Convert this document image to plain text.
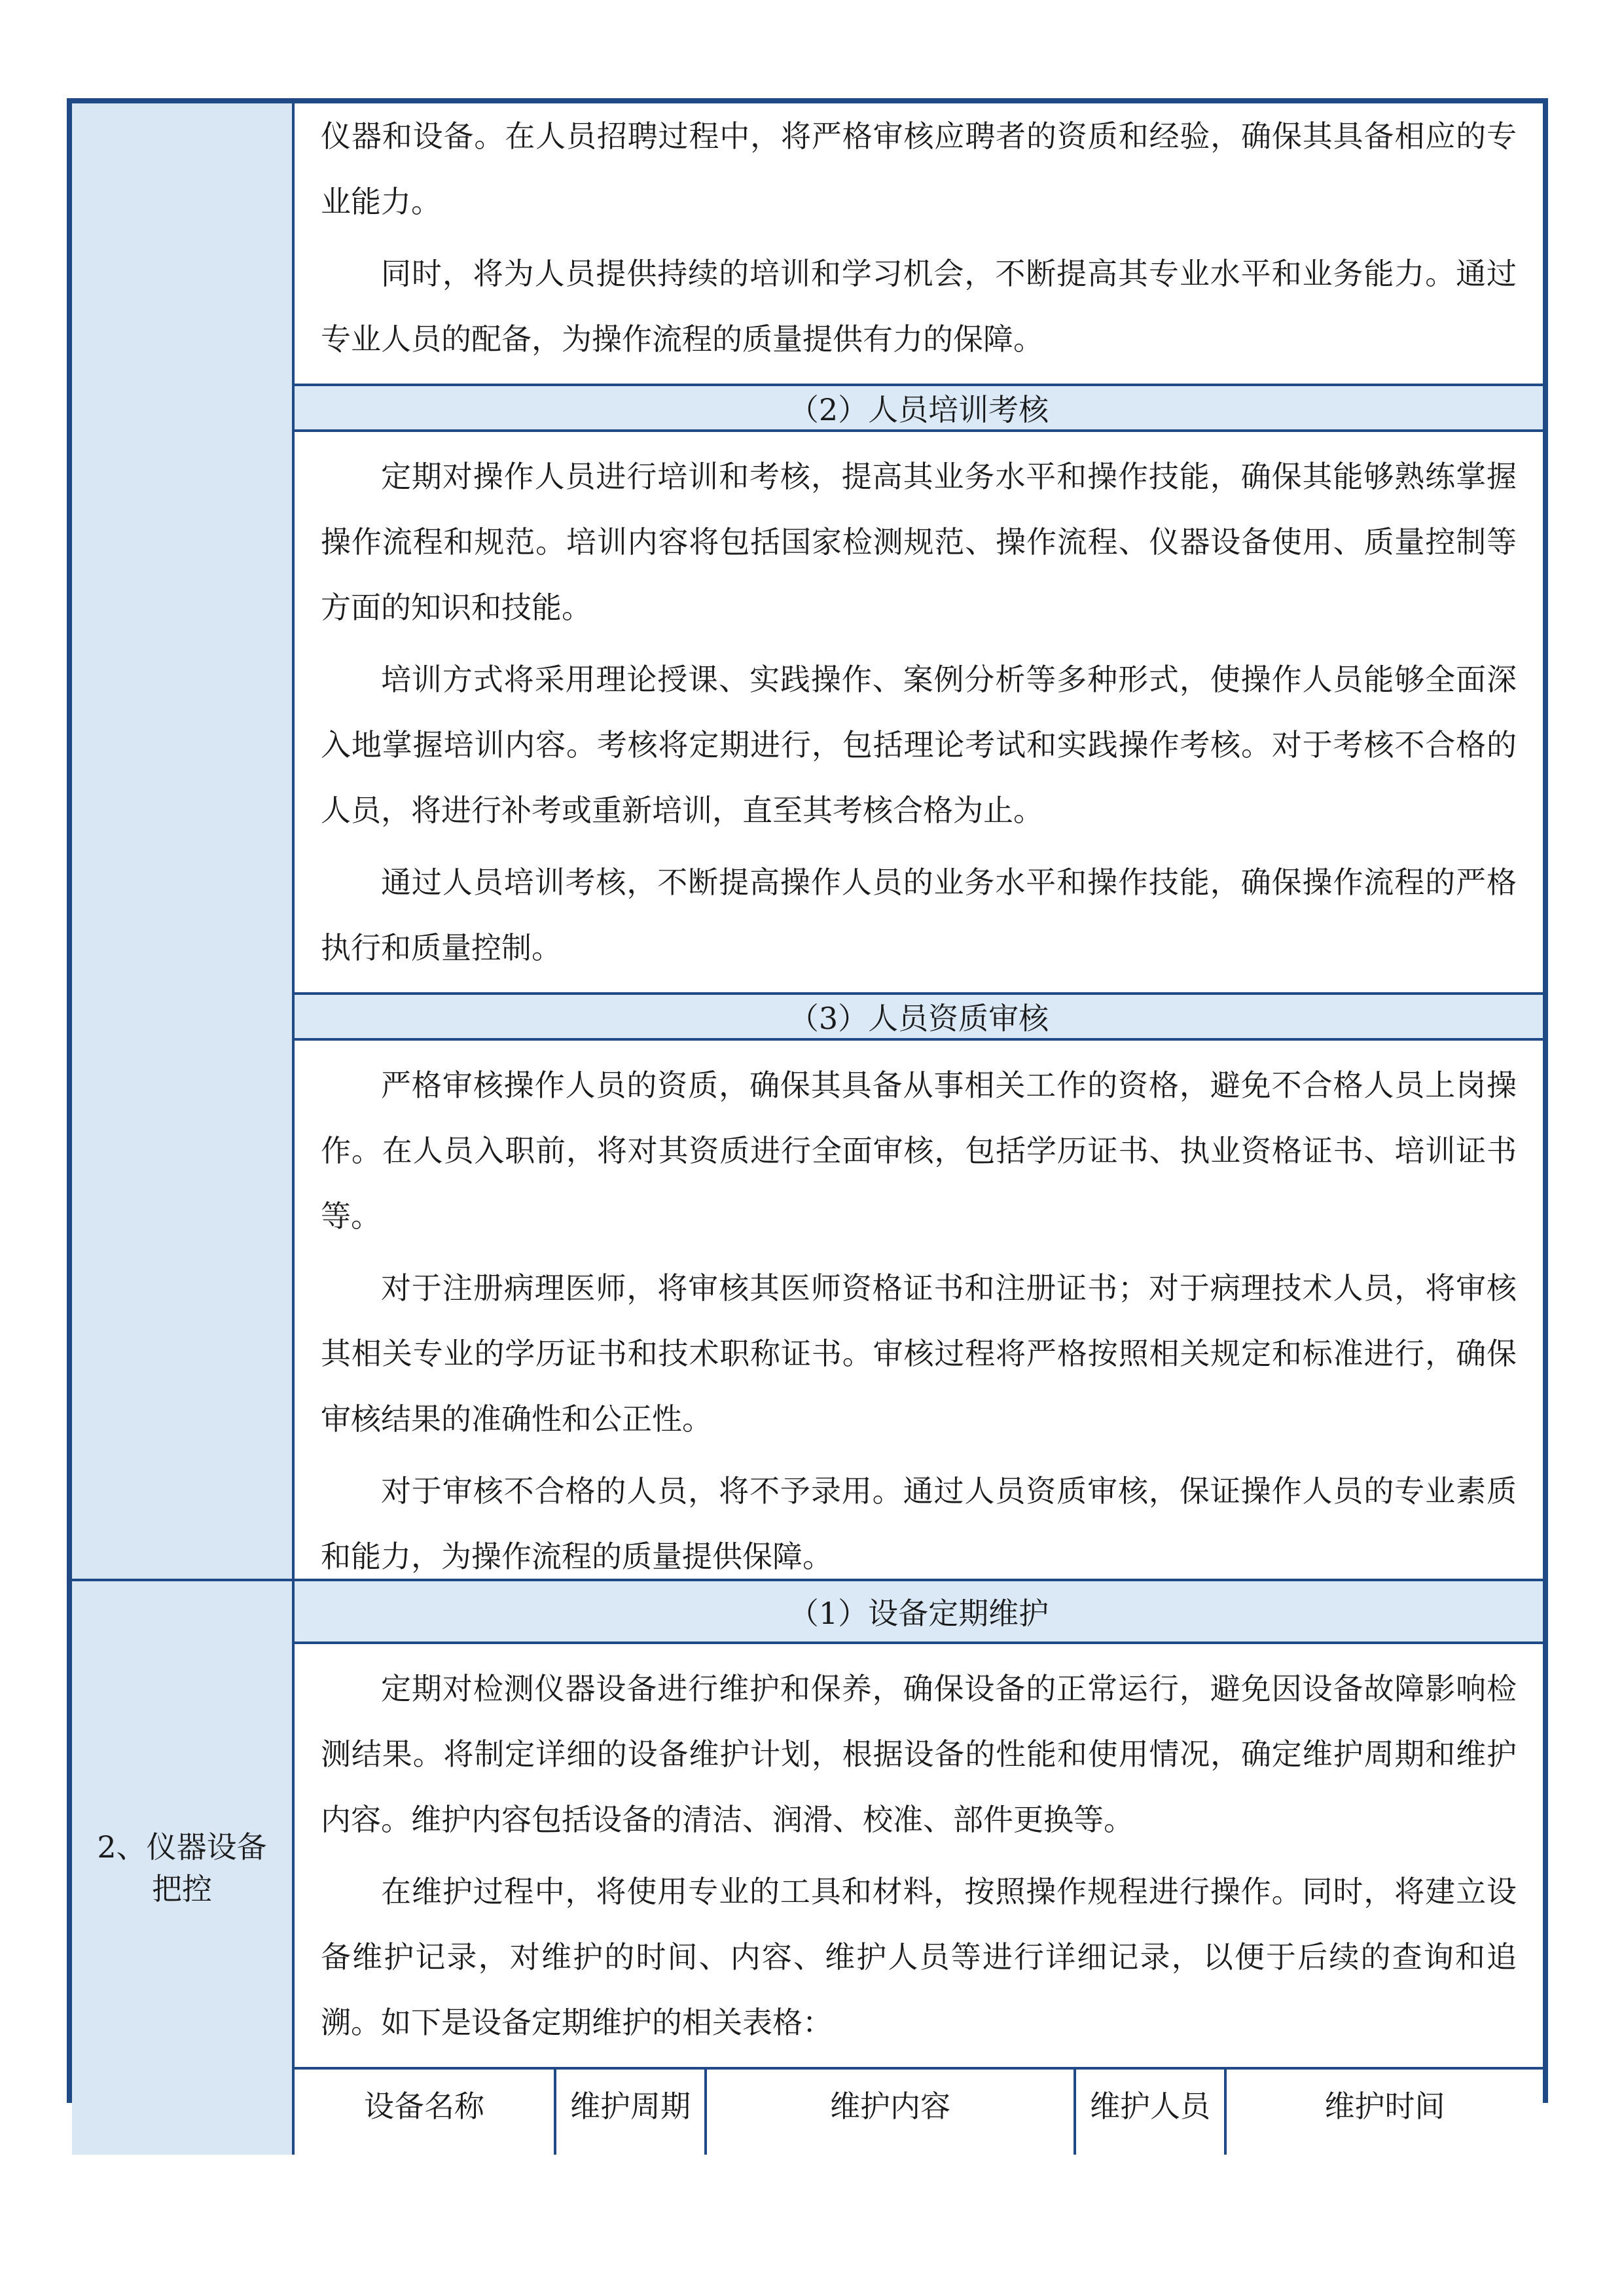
仪器和设备。在人员招聘过程中，将严格审核应聘者的资质和经验，确保其具备相应的专业能力。

同时，将为人员提供持续的培训和学习机会，不断提高其专业水平和业务能力。通过专业人员的配备，为操作流程的质量提供有力的保障。

（2）人员培训考核

定期对操作人员进行培训和考核，提高其业务水平和操作技能，确保其能够熟练掌握操作流程和规范。培训内容将包括国家检测规范、操作流程、仪器设备使用、质量控制等方面的知识和技能。

培训方式将采用理论授课、实践操作、案例分析等多种形式，使操作人员能够全面深入地掌握培训内容。考核将定期进行，包括理论考试和实践操作考核。对于考核不合格的人员，将进行补考或重新培训，直至其考核合格为止。

通过人员培训考核，不断提高操作人员的业务水平和操作技能，确保操作流程的严格执行和质量控制。

（3）人员资质审核

严格审核操作人员的资质，确保其具备从事相关工作的资格，避免不合格人员上岗操作。在人员入职前，将对其资质进行全面审核，包括学历证书、执业资格证书、培训证书等。

对于注册病理医师，将审核其医师资格证书和注册证书；对于病理技术人员，将审核其相关专业的学历证书和技术职称证书。审核过程将严格按照相关规定和标准进行，确保审核结果的准确性和公正性。

对于审核不合格的人员，将不予录用。通过人员资质审核，保证操作人员的专业素质和能力，为操作流程的质量提供保障。

2、仪器设备把控
（1）设备定期维护

定期对检测仪器设备进行维护和保养，确保设备的正常运行，避免因设备故障影响检测结果。将制定详细的设备维护计划，根据设备的性能和使用情况，确定维护周期和维护内容。维护内容包括设备的清洁、润滑、校准、部件更换等。

在维护过程中，将使用专业的工具和材料，按照操作规程进行操作。同时，将建立设备维护记录，对维护的时间、内容、维护人员等进行详细记录，以便于后续的查询和追溯。如下是设备定期维护的相关表格：

设备名称	维护周期	维护内容	维护人员	维护时间
